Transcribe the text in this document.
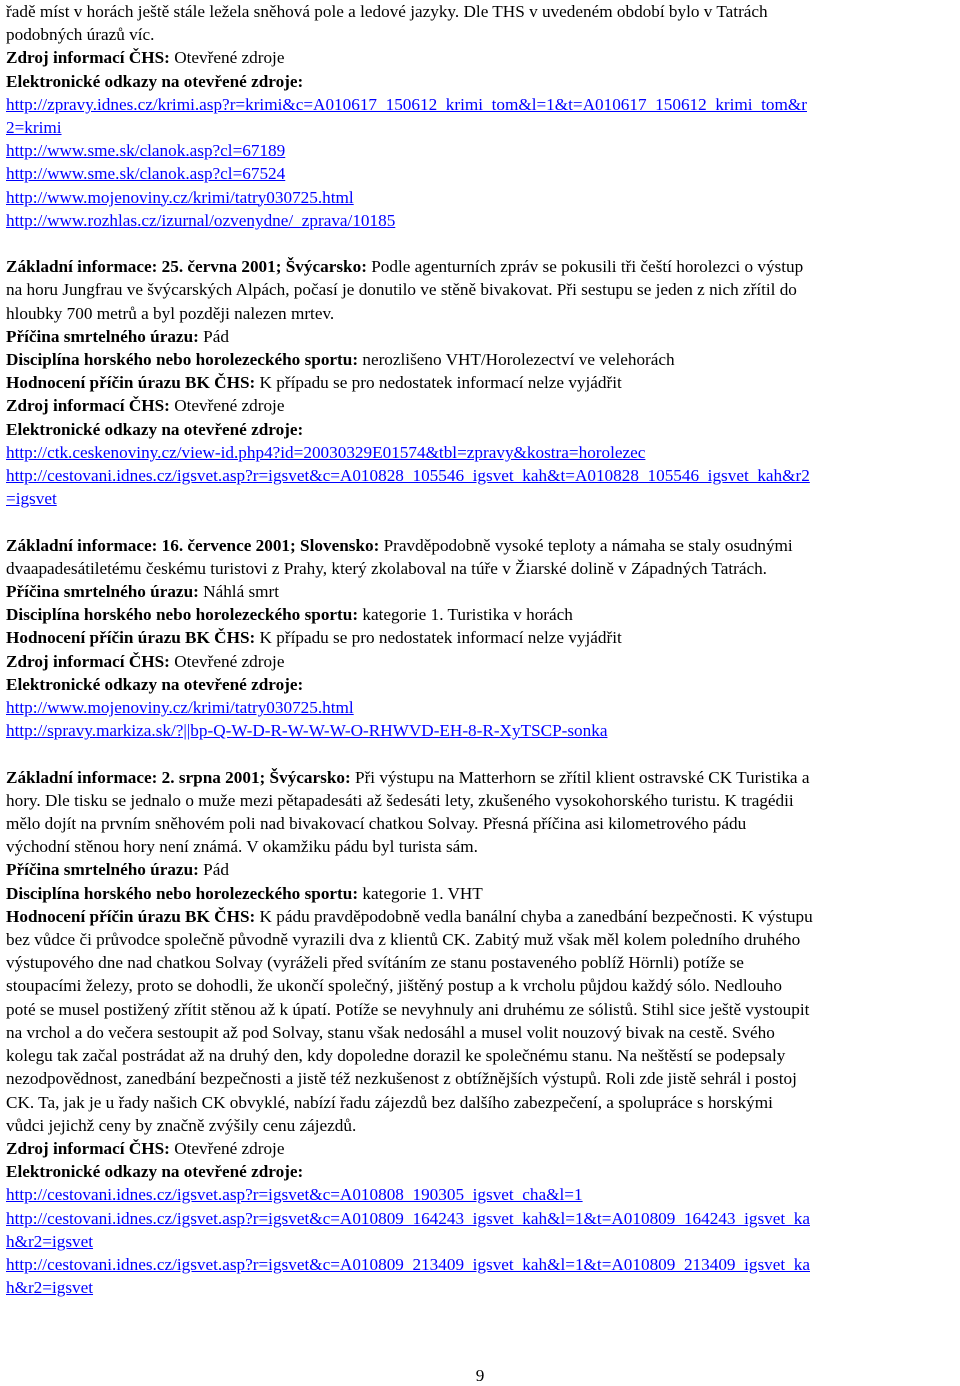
řadě míst v horách ještě stále ležela sněhová pole a ledové jazyky. Dle THS v uvedeném období bylo v Tatrách
podobných úrazů víc.
Zdroj informací ČHS: Otevřené zdroje
Elektronické odkazy na otevřené zdroje:
http://zpravy.idnes.cz/krimi.asp?r=krimi&c=A010617_150612_krimi_tom&l=1&t=A010617_150612_krimi_tom&r
2=krimi
http://www.sme.sk/clanok.asp?cl=67189
http://www.sme.sk/clanok.asp?cl=67524
http://www.mojenoviny.cz/krimi/tatry030725.html
http://www.rozhlas.cz/izurnal/ozvenydne/_zprava/10185
Základní informace: 25. června 2001; Švýcarsko: Podle agenturních zpráv se pokusili tři čeští horolezci o výstup
na horu Jungfrau ve švýcarských Alpách, počasí je donutilo ve stěně bivakovat. Při sestupu se jeden z nich zřítil do
hloubky 700 metrů a byl později nalezen mrtev.
Příčina smrtelného úrazu: Pád
Disciplína horského nebo horolezeckého sportu: nerozlišeno VHT/Horolezectví ve velehorách
Hodnocení příčin úrazu BK ČHS: K případu se pro nedostatek informací nelze vyjádřit
Zdroj informací ČHS: Otevřené zdroje
Elektronické odkazy na otevřené zdroje:
http://ctk.ceskenoviny.cz/view-id.php4?id=20030329E01574&tbl=zpravy&kostra=horolezec
http://cestovani.idnes.cz/igsvet.asp?r=igsvet&c=A010828_105546_igsvet_kah&t=A010828_105546_igsvet_kah&r2
=igsvet
Základní informace: 16. července 2001; Slovensko: Pravděpodobně vysoké teploty a námaha se staly osudnými
dvaapadesátiletému českému turistovi z Prahy, který zkolaboval na túře v Žiarské dolině v Západných Tatrách.
Příčina smrtelného úrazu: Náhlá smrt
Disciplína horského nebo horolezeckého sportu: kategorie 1. Turistika v horách
Hodnocení příčin úrazu BK ČHS: K případu se pro nedostatek informací nelze vyjádřit
Zdroj informací ČHS: Otevřené zdroje
Elektronické odkazy na otevřené zdroje:
http://www.mojenoviny.cz/krimi/tatry030725.html
http://spravy.markiza.sk/?||bp-Q-W-D-R-W-W-W-O-RHWVD-EH-8-R-XyTSCP-sonka
Základní informace: 2. srpna 2001; Švýcarsko: Při výstupu na Matterhorn se zřítil klient ostravské CK Turistika a
hory. Dle tisku se jednalo o muže mezi pětapadesáti až šedesáti lety, zkušeného vysokohorského turistu. K tragédii
mělo dojít na prvním sněhovém poli nad bivakovací chatkou Solvay. Přesná příčina asi kilometrového pádu
východní stěnou hory není známá. V okamžiku pádu byl turista sám.
Příčina smrtelného úrazu: Pád
Disciplína horského nebo horolezeckého sportu: kategorie 1. VHT
Hodnocení příčin úrazu BK ČHS: K pádu pravděpodobně vedla banální chyba a zanedbání bezpečnosti. K výstupu
bez vůdce či průvodce společně původně vyrazili dva z klientů CK. Zabitý muž však měl kolem poledního druhého
výstupového dne nad chatkou Solvay (vyráželi před svítáním ze stanu postaveného poblíž Hörnli) potíže se
stoupacími železy, proto se dohodli, že ukončí společný, jištěný postup a k vrcholu půjdou každý sólo. Nedlouho
poté se musel postižený zřítit stěnou až k úpatí. Potíže se nevyhnuly ani druhému ze sólistů. Stihl sice ještě vystoupit
na vrchol a do večera sestoupit až pod Solvay, stanu však nedosáhl a musel volit nouzový bivak na cestě. Svého
kolegu tak začal postrádat až na druhý den, kdy dopoledne dorazil ke společnému stanu. Na neštěstí se podepsaly
nezodpovědnost, zanedbání bezpečnosti a jistě též nezkušenost z obtížnějších výstupů. Roli zde jistě sehrál i postoj
CK. Ta, jak je u řady našich CK obvyklé, nabízí řadu zájezdů bez dalšího zabezpečení, a spolupráce s horskými
vůdci jejichž ceny by značně zvýšily cenu zájezdů.
Zdroj informací ČHS: Otevřené zdroje
Elektronické odkazy na otevřené zdroje:
http://cestovani.idnes.cz/igsvet.asp?r=igsvet&c=A010808_190305_igsvet_cha&l=1
http://cestovani.idnes.cz/igsvet.asp?r=igsvet&c=A010809_164243_igsvet_kah&l=1&t=A010809_164243_igsvet_ka
h&r2=igsvet
http://cestovani.idnes.cz/igsvet.asp?r=igsvet&c=A010809_213409_igsvet_kah&l=1&t=A010809_213409_igsvet_ka
h&r2=igsvet
9
